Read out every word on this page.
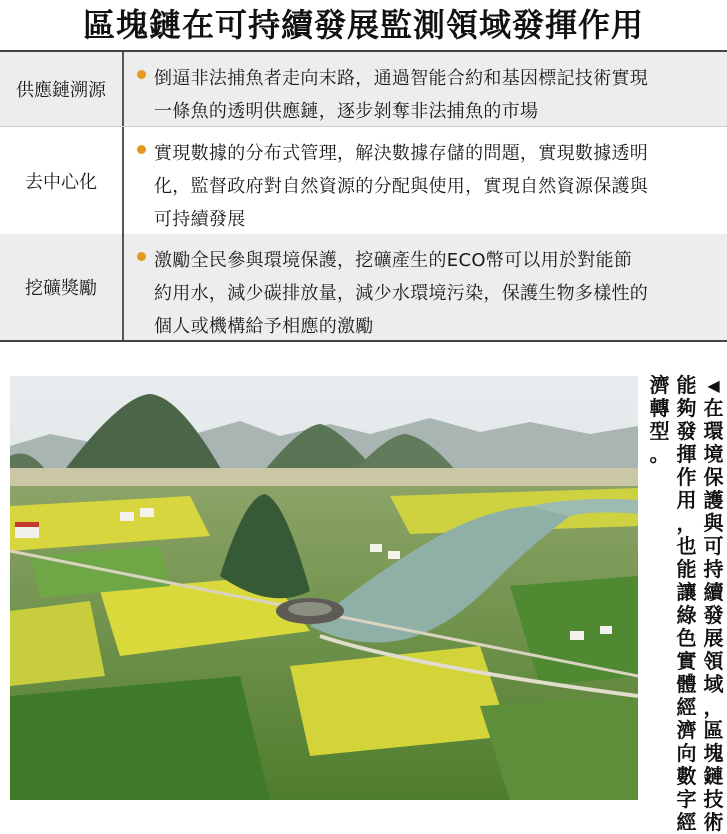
區塊鏈在可持續發展監測領域發揮作用
供應鏈溯源
倒逼非法捕魚者走向末路，通過智能合約和基因標記技術實現
一條魚的透明供應鏈，逐步剝奪非法捕魚的市場
去中心化
實現數據的分布式管理，解決數據存儲的問題，實現數據透明
化，監督政府對自然資源的分配與使用，實現自然資源保護與
可持續發展
挖礦獎勵
激勵全民參與環境保護，挖礦產生的ECO幣可以用於對能節
約用水，減少碳排放量，減少水環境污染，保護生物多樣性的
個人或機構給予相應的激勵
◀
在
環
境
保
護
與
可
持
續
發
展
領
域
，
區
塊
鏈
技
術
能
夠
發
揮
作
用
，
也
能
讓
綠
色
實
體
經
濟
向
數
字
經
濟
轉
型
。
